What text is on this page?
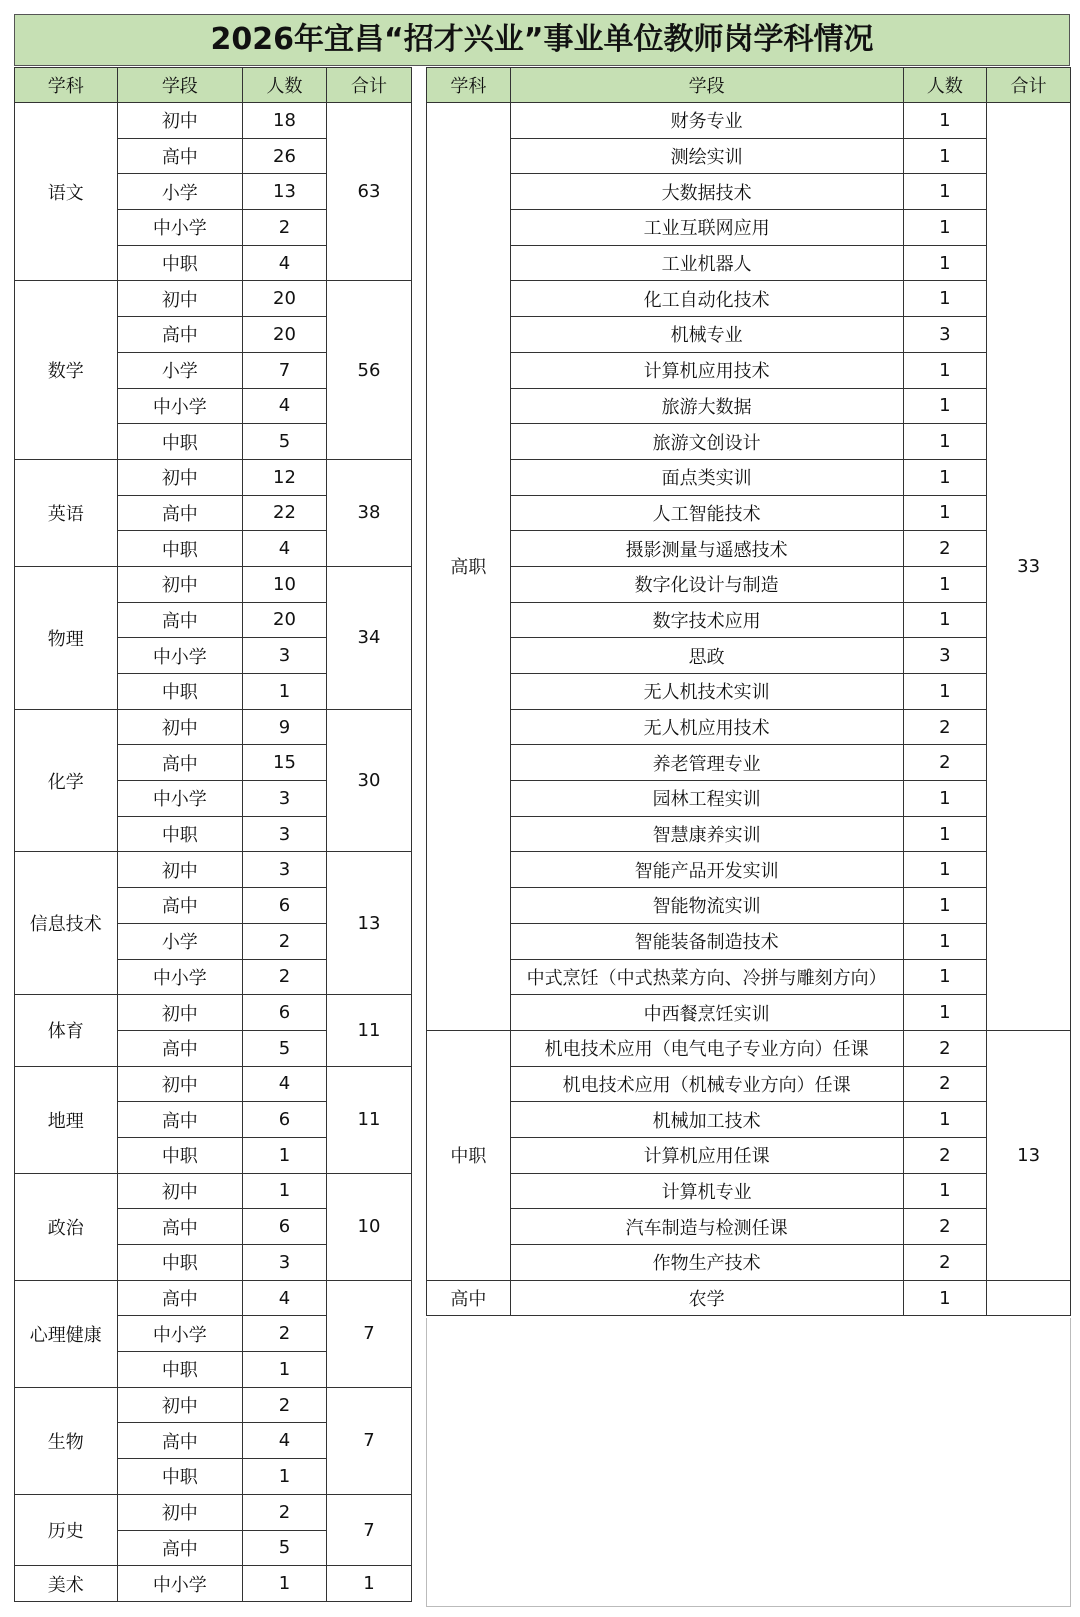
2026年宜昌“招才兴业”事业单位教师岗学科情况
学科	学段	人数	合计
语文	初中	18	63
	高中	26	
	小学	13	
	中小学	2	
	中职	4	
数学	初中	20	56
	高中	20	
	小学	7	
	中小学	4	
	中职	5	
英语	初中	12	38
	高中	22	
	中职	4	
物理	初中	10	34
	高中	20	
	中小学	3	
	中职	1	
化学	初中	9	30
	高中	15	
	中小学	3	
	中职	3	
信息技术	初中	3	13
	高中	6	
	小学	2	
	中小学	2	
体育	初中	6	11
	高中	5	
地理	初中	4	11
	高中	6	
	中职	1	
政治	初中	1	10
	高中	6	
	中职	3	
心理健康	高中	4	7
	中小学	2	
	中职	1	
生物	初中	2	7
	高中	4	
	中职	1	
历史	初中	2	7
	高中	5	
美术	中小学	1	1
学科	学段	人数	合计
高职	财务专业	1	33
	测绘实训	1	
	大数据技术	1	
	工业互联网应用	1	
	工业机器人	1	
	化工自动化技术	1	
	机械专业	3	
	计算机应用技术	1	
	旅游大数据	1	
	旅游文创设计	1	
	面点类实训	1	
	人工智能技术	1	
	摄影测量与遥感技术	2	
	数字化设计与制造	1	
	数字技术应用	1	
	思政	3	
	无人机技术实训	1	
	无人机应用技术	2	
	养老管理专业	2	
	园林工程实训	1	
	智慧康养实训	1	
	智能产品开发实训	1	
	智能物流实训	1	
	智能装备制造技术	1	
	中式烹饪（中式热菜方向、冷拼与雕刻方向）	1	
	中西餐烹饪实训	1	
中职	机电技术应用（电气电子专业方向）任课	2	13
	机电技术应用（机械专业方向）任课	2	
	机械加工技术	1	
	计算机应用任课	2	
	计算机专业	1	
	汽车制造与检测任课	2	
	作物生产技术	2	
高中	农学	1	
